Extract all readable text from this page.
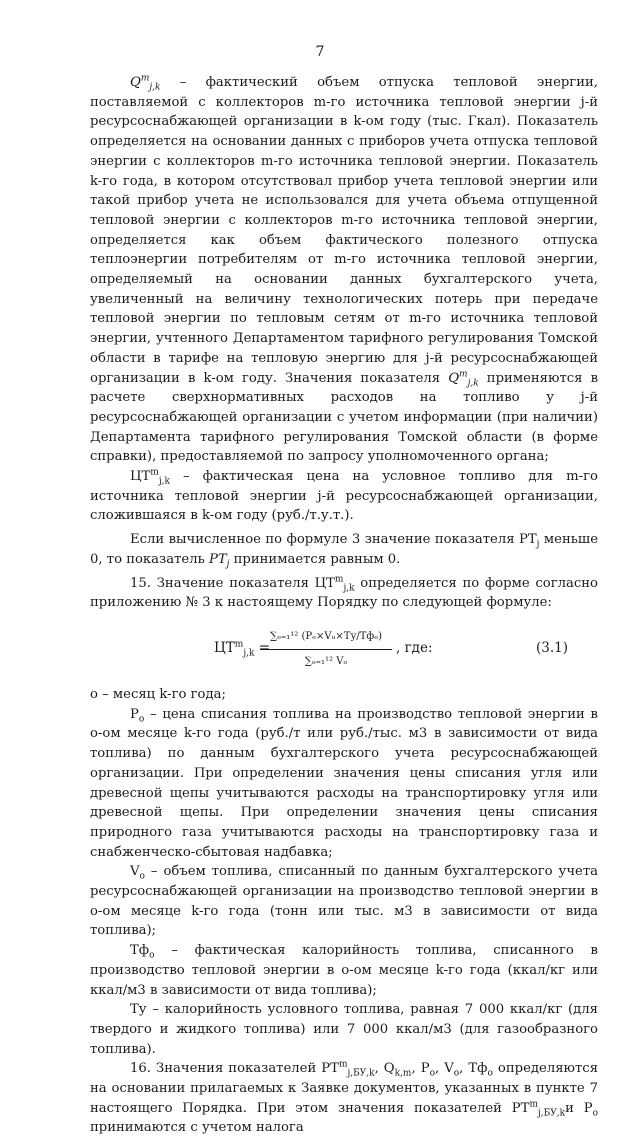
7

$Q^m_{j,k}$ – фактический объем отпуска тепловой энергии, поставляемой с коллекторов m-го источника тепловой энергии j-й ресурсоснабжающей организации в k-ом году (тыс. Гкал). Показатель определяется на основании данных с приборов учета отпуска тепловой энергии с коллекторов m-го источника тепловой энергии. Показатель k-го года, в котором отсутствовал прибор учета тепловой энергии или такой прибор учета не использовался для учета объема отпущенной тепловой энергии с коллекторов m-го источника тепловой энергии, определяется как объем фактического полезного отпуска теплоэнергии потребителям от m-го источника тепловой энергии, определяемый на основании данных бухгалтерского учета, увеличенный на величину технологических потерь при передаче тепловой энергии по тепловым сетям от m-го источника тепловой энергии, учтенного Департаментом тарифного регулирования Томской области в тарифе на тепловую энергию для j-й ресурсоснабжающей организации в k-ом году. Значения показателя $Q^m_{j,k}$ применяются в расчете сверхнормативных расходов на топливо у j-й ресурсоснабжающей организации с учетом информации (при наличии) Департамента тарифного регулирования Томской области (в форме справки), предоставляемой по запросу уполномоченного органа;

$ЦТ^m_{j,k}$ – фактическая цена на условное топливо для m-го источника тепловой энергии j-й ресурсоснабжающей организации, сложившаяся в k-ом году (руб./т.у.т.).

Если вычисленное по формуле 3 значение показателя $РТ_j$ меньше 0, то показатель $PT_j$ принимается равным 0.

15. Значение показателя $ЦТ^m_{j,k}$ определяется по форме согласно приложению № 3 к настоящему Порядку по следующей формуле:

$ЦТ^m_{j,k}$ =
∑ₒ₌₁¹² (Pₒ×Vₒ×Ту/Тфₒ)
∑ₒ₌₁¹² Vₒ
, где:	(3.1)

o – месяц k-го года;

$P_o$ – цена списания топлива на производство тепловой энергии в о-ом месяце k-го года (руб./т или руб./тыс. м3 в зависимости от вида топлива) по данным бухгалтерского учета ресурсоснабжающей организации. При определении значения цены списания угля или древесной щепы учитываются расходы на транспортировку угля или древесной щепы. При определении значения цены списания природного газа учитываются расходы на транспортировку газа и снабженческо-сбытовая надбавка;

$V_o$ – объем топлива, списанный по данным бухгалтерского учета ресурсоснабжающей организации на производство тепловой энергии в о-ом месяце k-го года (тонн или тыс. м3 в зависимости от вида топлива);

$Тф_o$ – фактическая калорийность топлива, списанного в производство тепловой энергии в о-ом месяце k-го года (ккал/кг или ккал/м3 в зависимости от вида топлива);

Ту – калорийность условного топлива, равная 7 000 ккал/кг (для твердого и жидкого топлива) или 7 000 ккал/м3 (для газообразного топлива).

16. Значения показателей $РТ^m_{j,БУ,k}$, $Q_{k,m}$, $P_o$, $V_o$, $Тф_o$ определяются на основании прилагаемых к Заявке документов, указанных в пункте 7 настоящего Порядка. При этом значения показателей $РТ^m_{j,БУ,k}и$ $P_o$ принимаются с учетом налога
